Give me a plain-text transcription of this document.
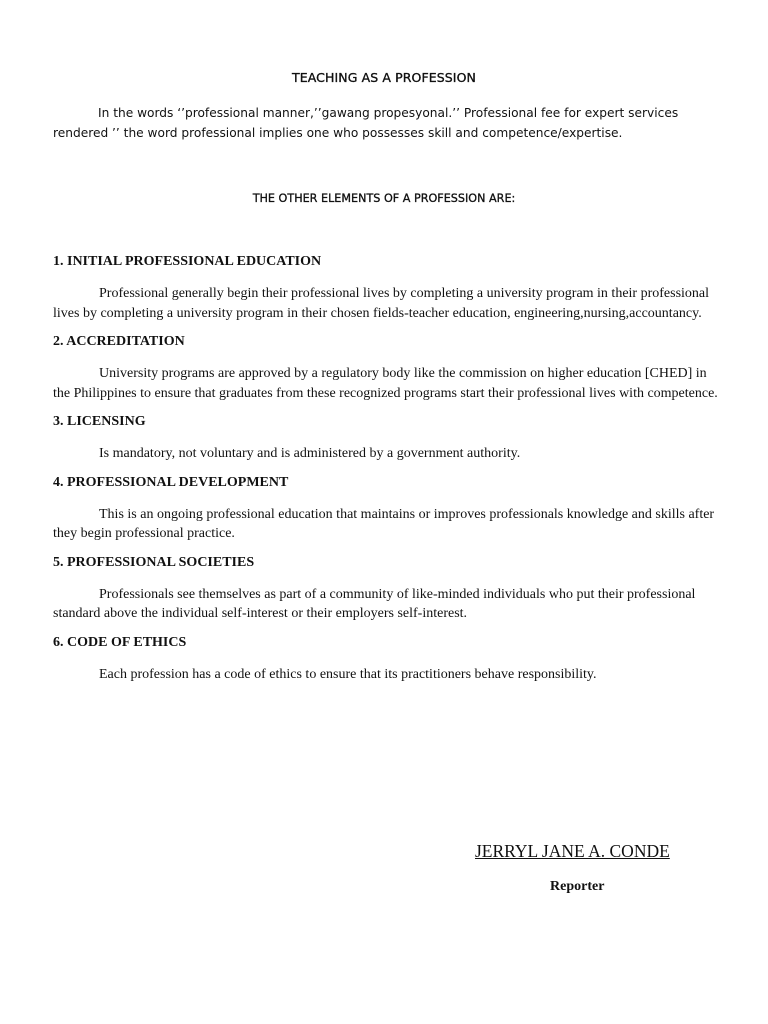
TEACHING AS A PROFESSION

In the words ‘’professional manner,’’gawang propesyonal.’’ Professional fee for expert services rendered ’’ the word professional implies one who possesses skill and competence/expertise.

THE OTHER ELEMENTS OF A PROFESSION ARE:
1. INITIAL PROFESSIONAL EDUCATION
Professional generally begin their professional lives by completing a university program in their professional lives by completing a university program in their chosen fields-teacher education, engineering,nursing,accountancy.
2. ACCREDITATION
University programs are approved by a regulatory body like the commission on higher education [CHED] in the Philippines to ensure that graduates from these recognized programs start their professional lives with competence.
3. LICENSING
Is mandatory, not voluntary and is administered by a government authority.
4. PROFESSIONAL DEVELOPMENT
This is an ongoing professional education that maintains or improves professionals knowledge and skills after they begin professional practice.
5. PROFESSIONAL SOCIETIES
Professionals see themselves as part of a community of like-minded individuals who put their professional standard above the individual self-interest or their employers self-interest.
6. CODE OF ETHICS
Each profession has a code of ethics to ensure that its practitioners behave responsibility.
JERRYL JANE A. CONDE
Reporter
